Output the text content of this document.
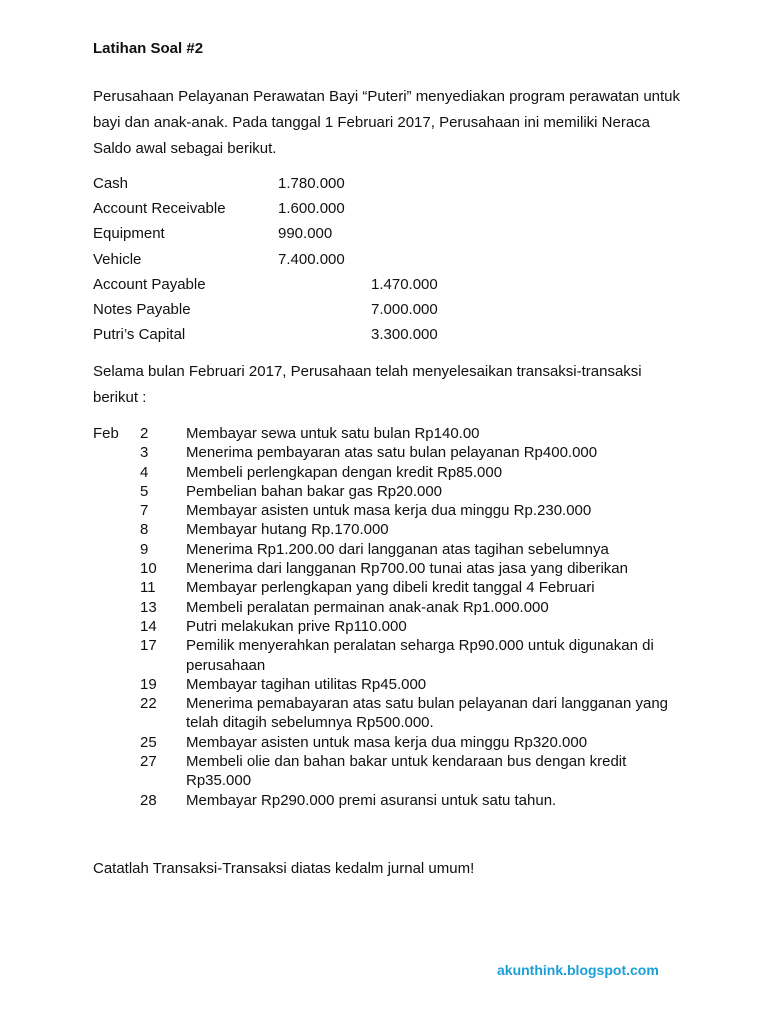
Latihan Soal #2
Perusahaan Pelayanan Perawatan Bayi “Puteri” menyediakan program perawatan untuk bayi dan anak-anak. Pada tanggal 1 Februari 2017, Perusahaan ini memiliki Neraca Saldo awal sebagai berikut.
Cash	1.780.000
Account Receivable	1.600.000
Equipment	990.000
Vehicle	7.400.000
Account Payable	1.470.000
Notes Payable	7.000.000
Putri’s Capital	3.300.000
Selama bulan Februari 2017, Perusahaan telah menyelesaikan transaksi-transaksi berikut :
Feb 2	Membayar sewa untuk satu bulan Rp140.00
3	Menerima pembayaran atas satu bulan pelayanan Rp400.000
4	Membeli perlengkapan dengan kredit Rp85.000
5	Pembelian bahan bakar gas Rp20.000
7	Membayar asisten untuk masa kerja dua minggu Rp.230.000
8	Membayar hutang Rp.170.000
9	Menerima Rp1.200.00 dari langganan atas tagihan sebelumnya
10 Menerima dari langganan Rp700.00 tunai atas jasa yang diberikan
11 Membayar perlengkapan yang dibeli kredit tanggal 4 Februari
13 Membeli peralatan permainan anak-anak Rp1.000.000
14 Putri melakukan prive Rp110.000
17 Pemilik menyerahkan peralatan seharga Rp90.000 untuk digunakan di perusahaan
19 Membayar tagihan utilitas Rp45.000
22 Menerima pemabayaran atas satu bulan pelayanan dari langganan yang telah ditagih sebelumnya Rp500.000.
25 Membayar asisten untuk masa kerja dua minggu Rp320.000
27 Membeli olie dan bahan bakar untuk kendaraan bus dengan kredit Rp35.000
28 Membayar Rp290.000 premi asuransi untuk satu tahun.
Catatlah Transaksi-Transaksi diatas kedalm jurnal umum!
akunthink.blogspot.com
